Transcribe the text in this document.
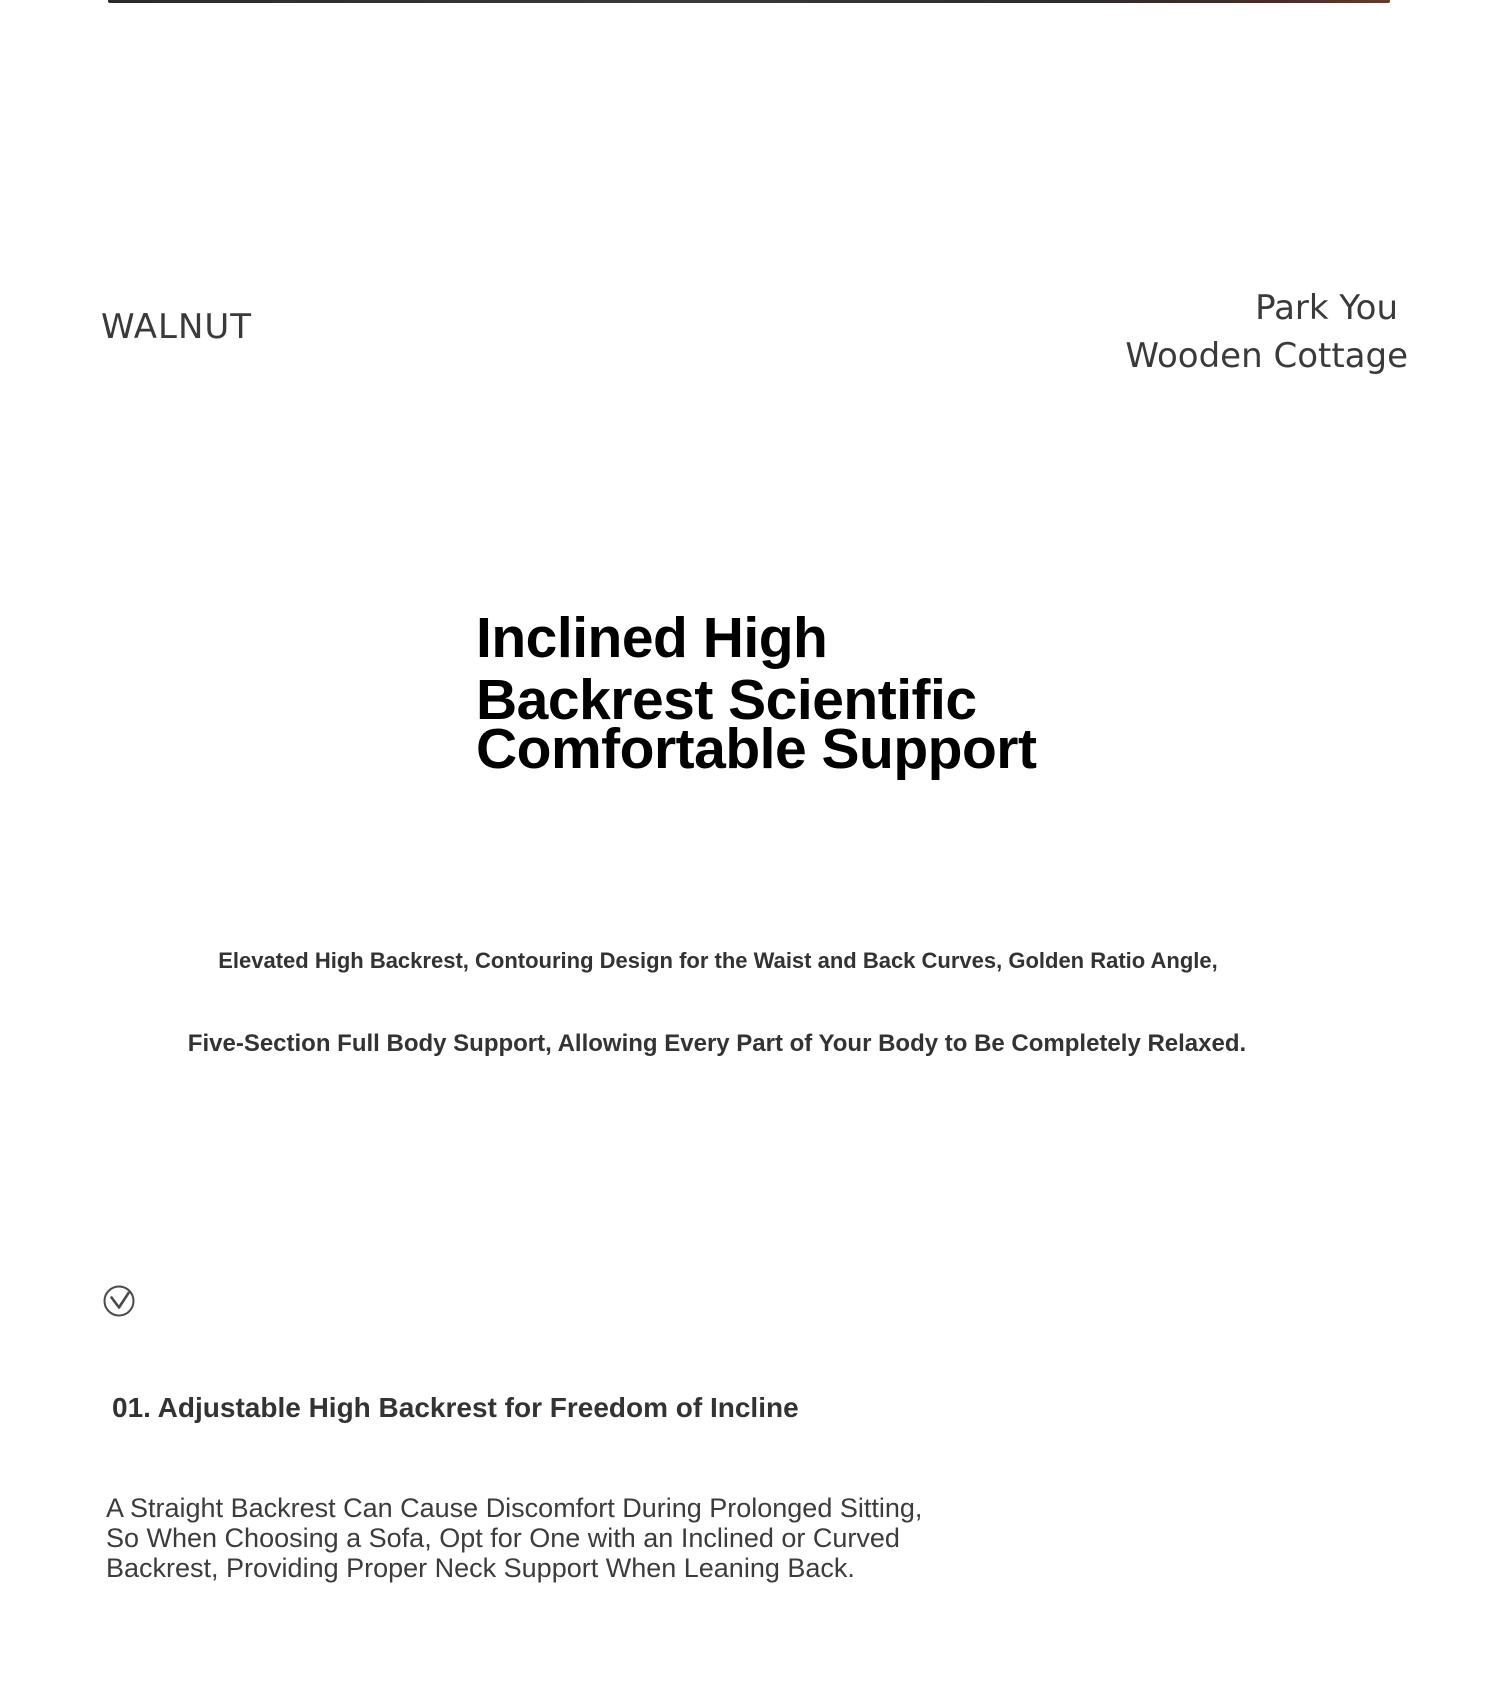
WALNUT	Park You
Wooden Cottage
Inclined High
Backrest Scientific
Comfortable Support
Elevated High Backrest, Contouring Design for the Waist and Back Curves, Golden Ratio Angle,
Five-Section Full Body Support, Allowing Every Part of Your Body to Be Completely Relaxed.
01. Adjustable High Backrest for Freedom of Incline

A Straight Backrest Can Cause Discomfort During Prolonged Sitting,
So When Choosing a Sofa, Opt for One with an Inclined or Curved
Backrest, Providing Proper Neck Support When Leaning Back.
